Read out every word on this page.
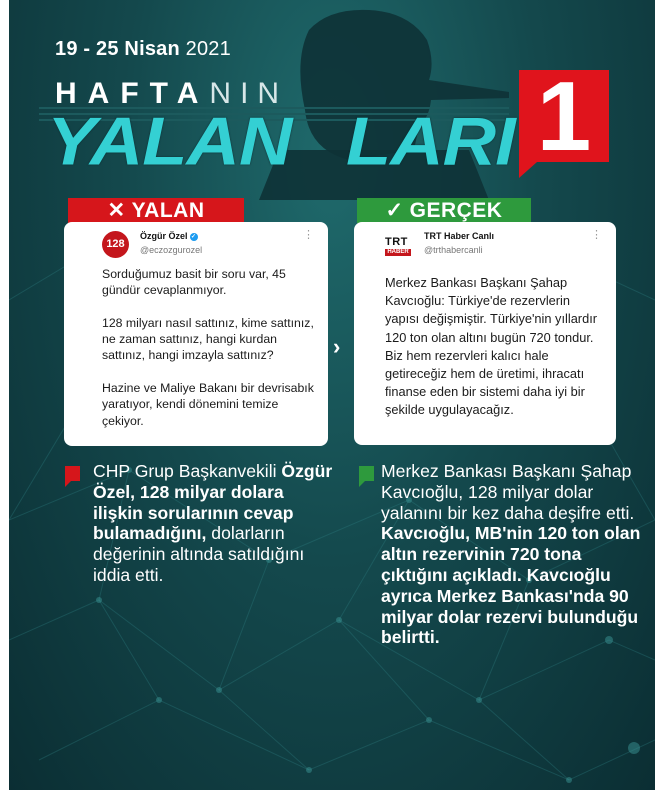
19 - 25 Nisan 2021
HAFTANIN
YALAN LARI 1
✕ YALAN	✓ GERÇEK
128
Özgür Özel ✓
@eczozgurozel
⋮
Sorduğumuz basit bir soru var, 45 gündür cevaplanmıyor.

128 milyarı nasıl sattınız, kime sattınız, ne zaman sattınız, hangi kurdan sattınız, hangi imzayla sattınız?

Hazine ve Maliye Bakanı bir devrisabık yaratıyor, kendi dönemini temize çekiyor.
›
TRT
HABER
TRT Haber Canlı
@trthabercanli
⋮
Merkez Bankası Başkanı Şahap Kavcıoğlu: Türkiye'de rezervlerin yapısı değişmiştir. Türkiye'nin yıllardır 120 ton olan altını bugün 720 tondur. Biz hem rezervleri kalıcı hale getireceğiz hem de üretimi, ihracatı finanse eden bir sistemi daha iyi bir şekilde uygulayacağız.
CHP Grup Başkanvekili Özgür Özel, 128 milyar dolara ilişkin sorularının cevap bulamadığını, dolarların değerinin altında satıldığını iddia etti.
Merkez Bankası Başkanı Şahap Kavcıoğlu, 128 milyar dolar yalanını bir kez daha deşifre etti. Kavcıoğlu, MB'nin 120 ton olan altın rezervinin 720 tona çıktığını açıkladı. Kavcıoğlu ayrıca Merkez Bankası'nda 90 milyar dolar rezervi bulunduğu belirtti.
